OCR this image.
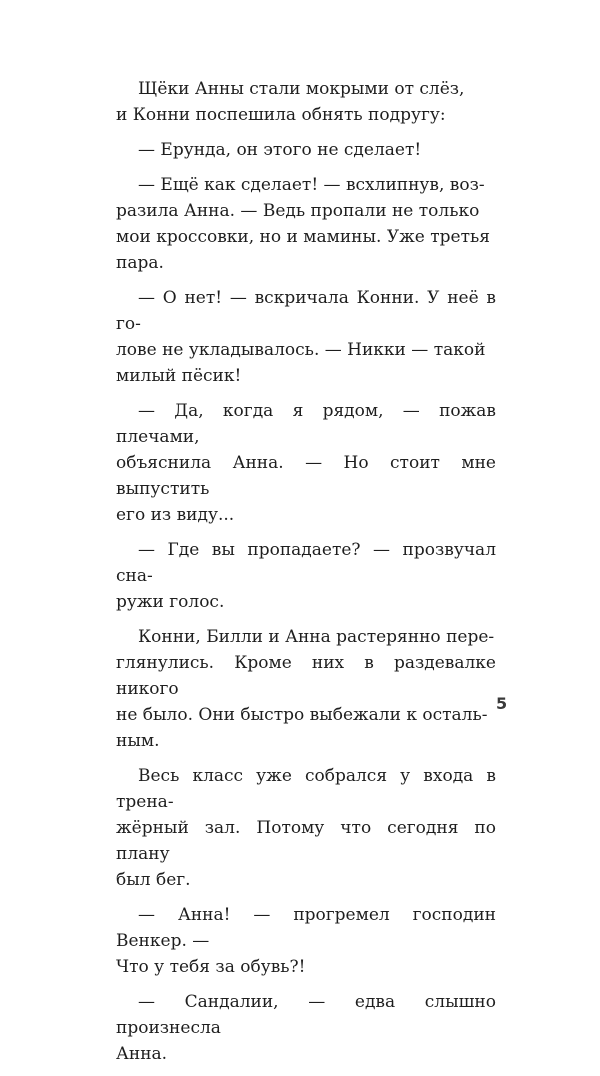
Щёки Анны стали мокрыми от слёз,
и Конни поспешила обнять подругу:

— Ерунда, он этого не сделает!

— Ещё как сделает! — всхлипнув, воз-
разила Анна. — Ведь пропали не только
мои кроссовки, но и мамины. Уже третья
пара.

— О нет! — вскричала Конни. У неё в го-
лове не укладывалось. — Никки — такой
милый пёсик!

— Да, когда я рядом, — пожав плечами,
объяснила Анна. — Но стоит мне выпустить
его из виду...

— Где вы пропадаете? — прозвучал сна-
ружи голос.

Конни, Билли и Анна растерянно пере-
глянулись. Кроме них в раздевалке никого
не было. Они быстро выбежали к осталь-
ным.

Весь класс уже собрался у входа в трена-
жёрный зал. Потому что сегодня по плану
был бег.

— Анна! — прогремел господин Венкер. —
Что у тебя за обувь?!

— Сандалии, — едва слышно произнесла
Анна.

5
